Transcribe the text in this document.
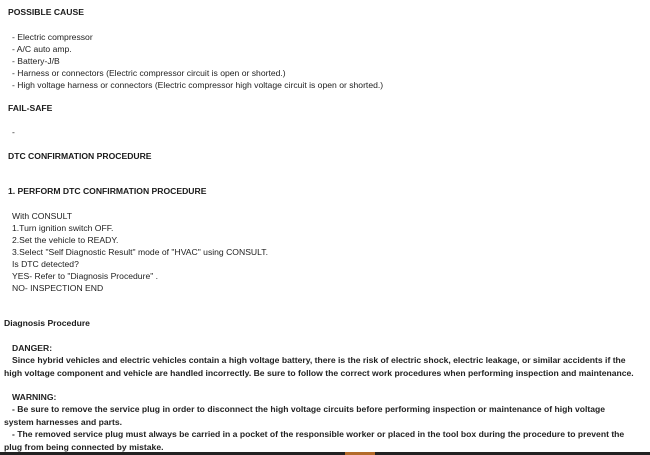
POSSIBLE CAUSE
- Electric compressor
- A/C auto amp.
- Battery-J/B
- Harness or connectors (Electric compressor circuit is open or shorted.)
- High voltage harness or connectors (Electric compressor high voltage circuit is open or shorted.)
FAIL-SAFE
-
DTC CONFIRMATION PROCEDURE
1. PERFORM DTC CONFIRMATION PROCEDURE
With CONSULT
1.Turn ignition switch OFF.
2.Set the vehicle to READY.
3.Select "Self Diagnostic Result" mode of "HVAC" using CONSULT.
Is DTC detected?
YES- Refer to "Diagnosis Procedure" .
NO- INSPECTION END
Diagnosis Procedure
DANGER:
Since hybrid vehicles and electric vehicles contain a high voltage battery, there is the risk of electric shock, electric leakage, or similar accidents if the high voltage component and vehicle are handled incorrectly. Be sure to follow the correct work procedures when performing inspection and maintenance.
WARNING:
- Be sure to remove the service plug in order to disconnect the high voltage circuits before performing inspection or maintenance of high voltage system harnesses and parts.
- The removed service plug must always be carried in a pocket of the responsible worker or placed in the tool box during the procedure to prevent the plug from being connected by mistake.
